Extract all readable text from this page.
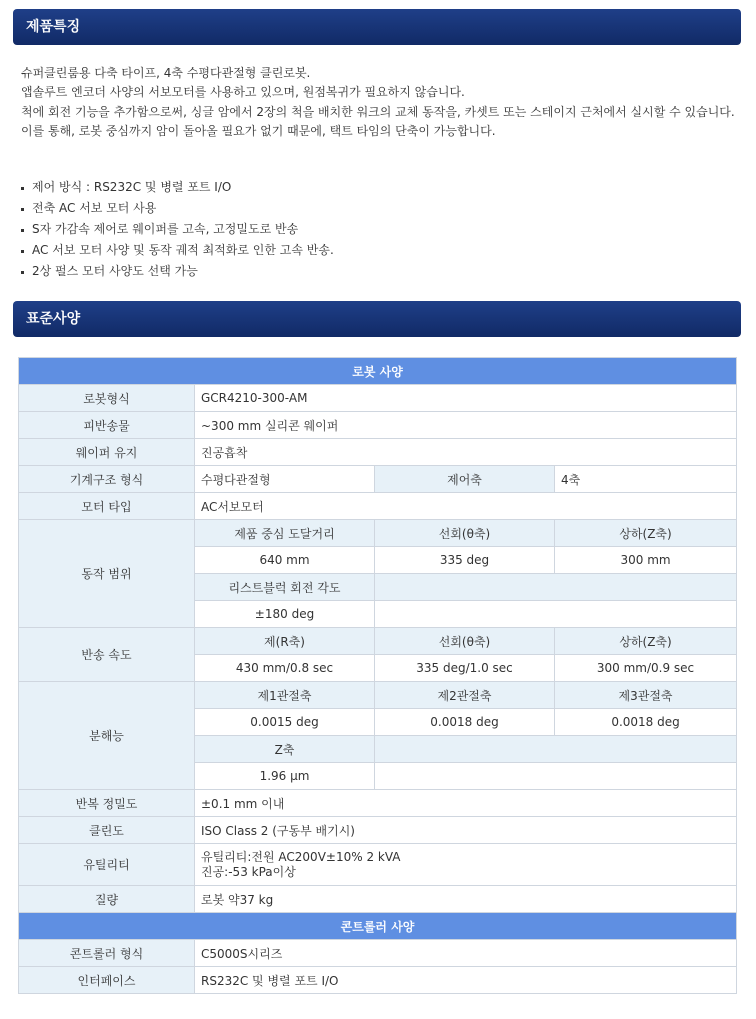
제품특징

슈퍼클린룸용 다축 타이프, 4축 수평다관절형 클린로봇.

앱솔루트 엔코더 사양의 서보모터를 사용하고 있으며, 원점복귀가 필요하지 않습니다.

척에 회전 기능을 추가함으로써, 싱글 암에서 2장의 척을 배치한 워크의 교체 동작을, 카셋트 또는 스테이지 근처에서 실시할 수 있습니다.

이를 통해, 로봇 중심까지 암이 돌아올 필요가 없기 때문에, 택트 타임의 단축이 가능합니다.

제어 방식 : RS232C 및 병렬 포트 I/O
전축 AC 서보 모터 사용
S자 가감속 제어로 웨이퍼를 고속, 고정밀도로 반송
AC 서보 모터 사양 및 동작 궤적 최적화로 인한 고속 반송.
2상 펄스 모터 사양도 선택 가능
표준사양
로봇 사양			
로봇형식	GCR4210-300-AM		
피반송물	~300 mm 실리콘 웨이퍼		
웨이퍼 유지	진공흡착		
기계구조 형식	수평다관절형	제어축	4축
모터 타입	AC서보모터		
동작 범위	제품 중심 도달거리	선회(θ축)	상하(Z축)
	640 mm	335 deg	300 mm
	리스트블럭 회전 각도		
	±180 deg		
반송 속도	제(R축)	선회(θ축)	상하(Z축)
	430 mm/0.8 sec	335 deg/1.0 sec	300 mm/0.9 sec
분해능	제1관절축	제2관절축	제3관절축
	0.0015 deg	0.0018 deg	0.0018 deg
	Z축		
	1.96 μm		
반복 정밀도	±0.1 mm 이내		
클린도	ISO Class 2 (구동부 배기시)		
유틸리티	유틸리티:전원 AC200V±10% 2 kVA
진공:-53 kPa이상		

질량	로봇 약37 kg		
콘트롤러 사양			
콘트롤러 형식	C5000S시리즈		
인터페이스	RS232C 및 병렬 포트 I/O		
